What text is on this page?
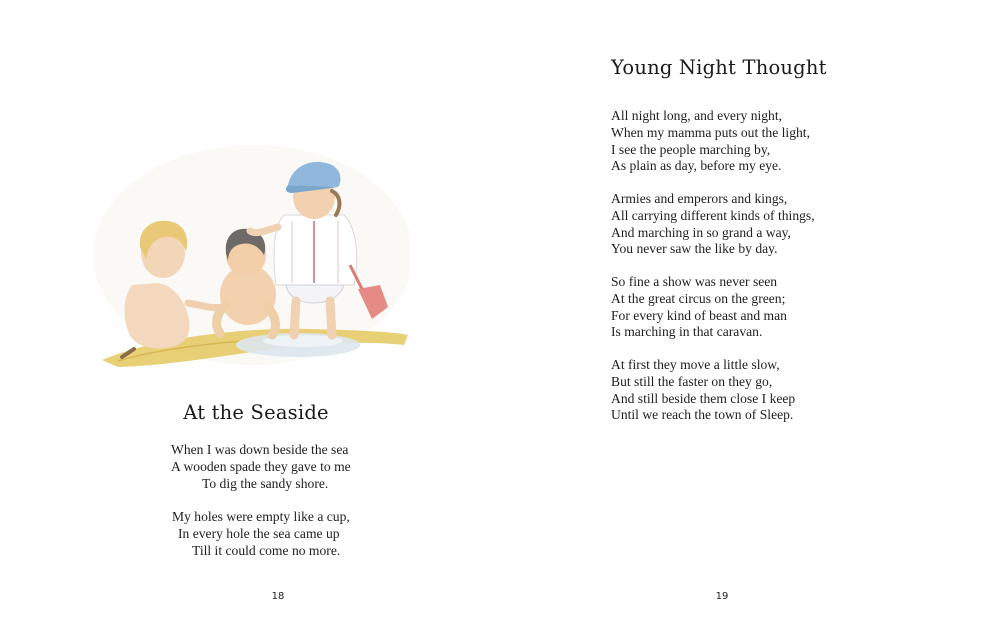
At the Seaside
When I was down beside the sea
A wooden spade they gave to me
To dig the sandy shore.
My holes were empty like a cup,
In every hole the sea came up
Till it could come no more.
18
Young Night Thought
All night long, and every night,
When my mamma puts out the light,
I see the people marching by,
As plain as day, before my eye.
Armies and emperors and kings,
All carrying different kinds of things,
And marching in so grand a way,
You never saw the like by day.
So fine a show was never seen
At the great circus on the green;
For every kind of beast and man
Is marching in that caravan.
At first they move a little slow,
But still the faster on they go,
And still beside them close I keep
Until we reach the town of Sleep.
19
